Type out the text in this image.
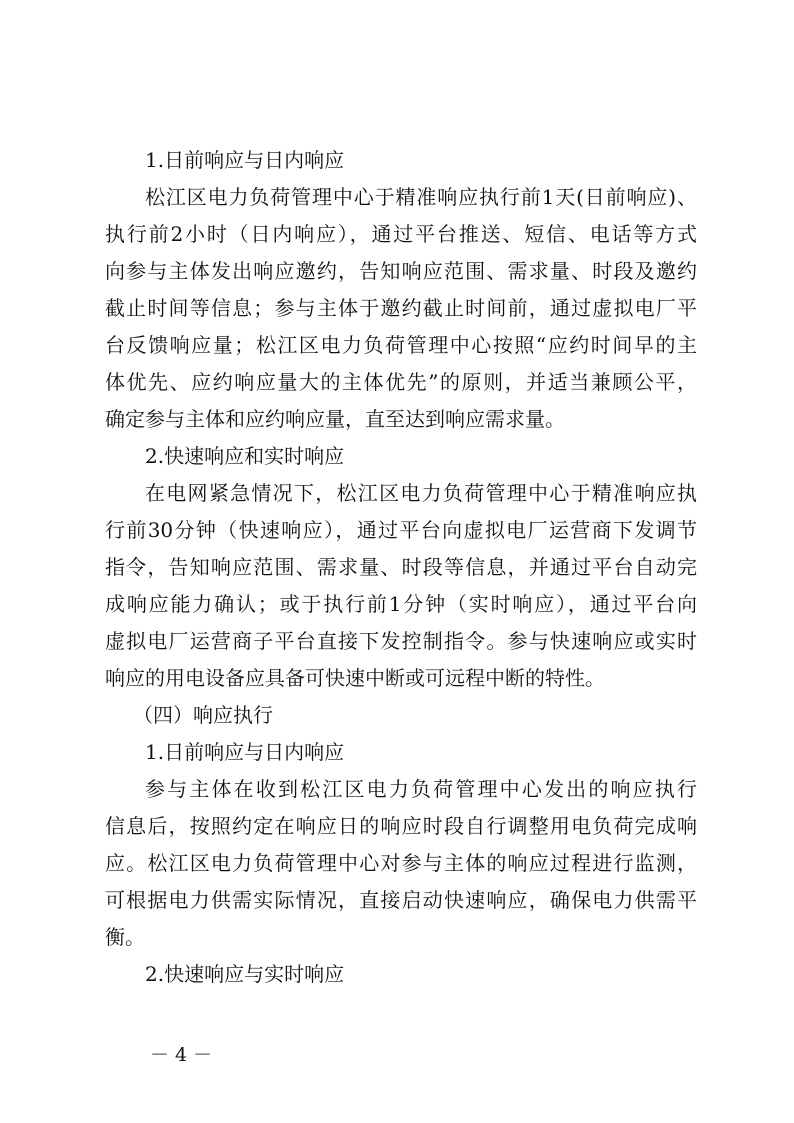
1.日前响应与日内响应
松江区电力负荷管理中心于精准响应执行前1天(日前响应)、
执行前2小时（日内响应），通过平台推送、短信、电话等方式
向参与主体发出响应邀约，告知响应范围、需求量、时段及邀约
截止时间等信息；参与主体于邀约截止时间前，通过虚拟电厂平
台反馈响应量；松江区电力负荷管理中心按照“应约时间早的主
体优先、应约响应量大的主体优先”的原则，并适当兼顾公平，
确定参与主体和应约响应量，直至达到响应需求量。
2.快速响应和实时响应
在电网紧急情况下，松江区电力负荷管理中心于精准响应执
行前30分钟（快速响应），通过平台向虚拟电厂运营商下发调节
指令，告知响应范围、需求量、时段等信息，并通过平台自动完
成响应能力确认；或于执行前1分钟（实时响应），通过平台向
虚拟电厂运营商子平台直接下发控制指令。参与快速响应或实时
响应的用电设备应具备可快速中断或可远程中断的特性。
（四）响应执行
1.日前响应与日内响应
参与主体在收到松江区电力负荷管理中心发出的响应执行
信息后，按照约定在响应日的响应时段自行调整用电负荷完成响
应。松江区电力负荷管理中心对参与主体的响应过程进行监测，
可根据电力供需实际情况，直接启动快速响应，确保电力供需平
衡。
2.快速响应与实时响应
－ 4 －
